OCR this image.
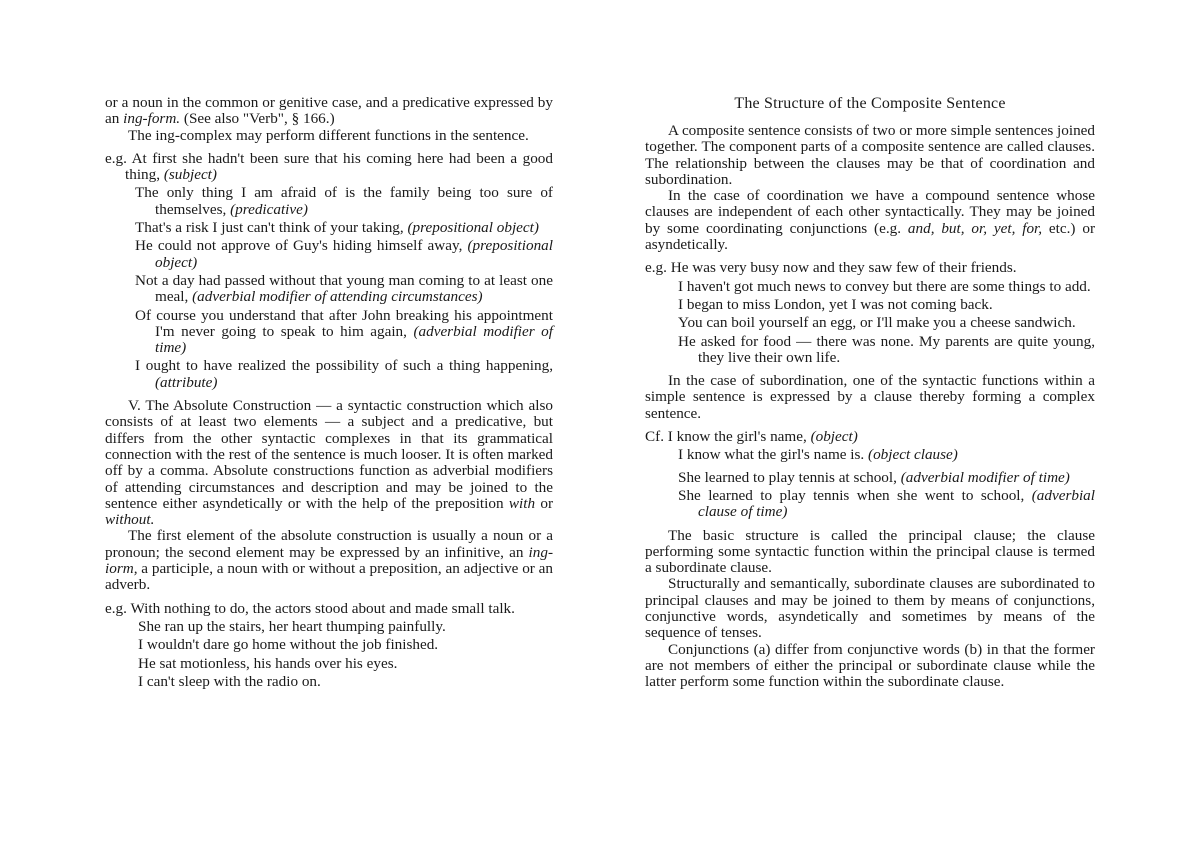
or a noun in the common or genitive case, and a predicative expressed by an ing-form. (See also "Verb", § 166.)

The ing-complex may perform different functions in the sentence.

e.g. At first she hadn't been sure that his coming here had been a good thing, (subject)

The only thing I am afraid of is the family being too sure of themselves, (predicative)

That's a risk I just can't think of your taking, (prepositional object)

He could not approve of Guy's hiding himself away, (prepositional object)

Not a day had passed without that young man coming to at least one meal, (adverbial modifier of attending circumstances)

Of course you understand that after John breaking his appointment I'm never going to speak to him again, (adverbial modifier of time)

I ought to have realized the possibility of such a thing happening, (attribute)

V. The Absolute Construction — a syntactic construction which also consists of at least two elements — a subject and a predicative, but differs from the other syntactic complexes in that its grammatical connection with the rest of the sentence is much looser. It is often marked off by a comma. Absolute constructions function as adverbial modifiers of attending circumstances and description and may be joined to the sentence either asyndetically or with the help of the preposition with or without.

The first element of the absolute construction is usually a noun or a pronoun; the second element may be expressed by an infinitive, an ing-iorm, a participle, a noun with or without a preposition, an adjective or an adverb.

e.g. With nothing to do, the actors stood about and made small talk.

She ran up the stairs, her heart thumping painfully.

I wouldn't dare go home without the job finished.

He sat motionless, his hands over his eyes.

I can't sleep with the radio on.

The Structure of the Composite Sentence

A composite sentence consists of two or more simple sentences joined together. The component parts of a composite sentence are called clauses. The relationship between the clauses may be that of coordination and subordination.

In the case of coordination we have a compound sentence whose clauses are independent of each other syntactically. They may be joined by some coordinating conjunctions (e.g. and, but, or, yet, for, etc.) or asyndetically.

e.g. He was very busy now and they saw few of their friends.

I haven't got much news to convey but there are some things to add.

I began to miss London, yet I was not coming back.

You can boil yourself an egg, or I'll make you a cheese sandwich.

He asked for food — there was none. My parents are quite young, they live their own life.

In the case of subordination, one of the syntactic functions within a simple sentence is expressed by a clause thereby forming a complex sentence.

Cf. I know the girl's name, (object)

I know what the girl's name is. (object clause)

She learned to play tennis at school, (adverbial modifier of time)

She learned to play tennis when she went to school, (adverbial clause of time)

The basic structure is called the principal clause; the clause performing some syntactic function within the principal clause is termed a subordinate clause.

Structurally and semantically, subordinate clauses are subordinated to principal clauses and may be joined to them by means of conjunctions, conjunctive words, asyndetically and sometimes by means of the sequence of tenses.

Conjunctions (a) differ from conjunctive words (b) in that the former are not members of either the principal or subordinate clause while the latter perform some function within the subordinate clause.
